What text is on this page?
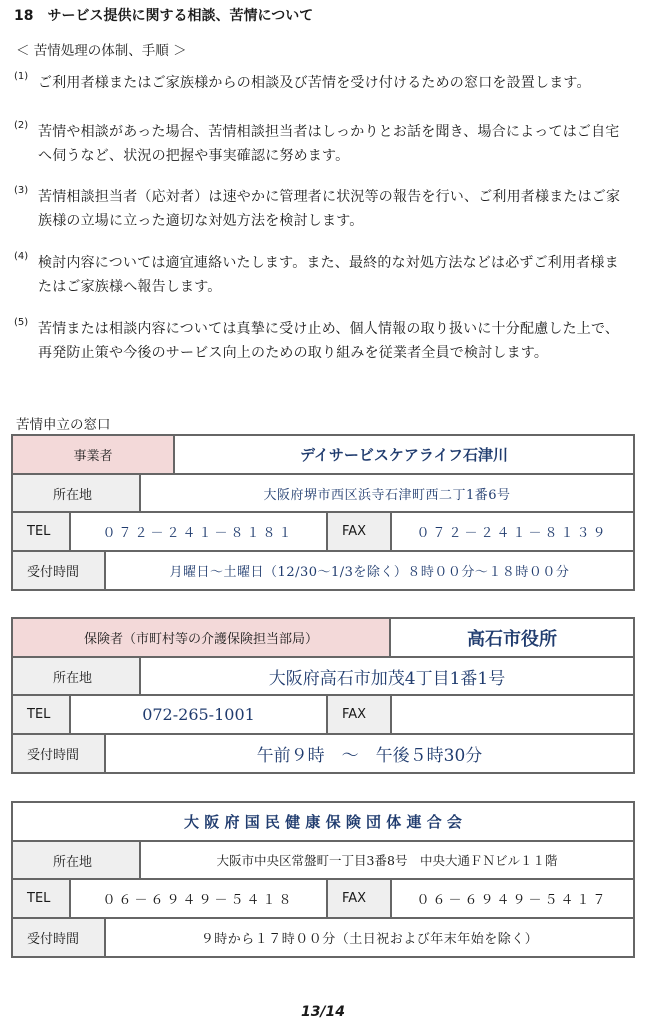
18　サービス提供に関する相談、苦情について
＜ 苦情処理の体制、手順 ＞
(1) ご利用者様またはご家族様からの相談及び苦情を受け付けるための窓口を設置します。
(2) 苦情や相談があった場合、苦情相談担当者はしっかりとお話を聞き、場合によってはご自宅へ伺うなど、状況の把握や事実確認に努めます。
(3) 苦情相談担当者（応対者）は速やかに管理者に状況等の報告を行い、ご利用者様またはご家族様の立場に立った適切な対処方法を検討します。
(4) 検討内容については適宜連絡いたします。また、最終的な対処方法などは必ずご利用者様またはご家族様へ報告します。
(5) 苦情または相談内容については真摯に受け止め、個人情報の取り扱いに十分配慮した上で、再発防止策や今後のサービス向上のための取り組みを従業者全員で検討します。
苦情申立の窓口
事業者	デイサービスケアライフ石津川
所在地	大阪府堺市西区浜寺石津町西二丁1番6号
TEL	０７２－２４１－８１８１	FAX	０７２－２４１－８１３９
受付時間	月曜日～土曜日（12/30～1/3を除く）８時００分～１８時００分
保険者（市町村等の介護保険担当部局）	高石市役所
所在地	大阪府高石市加茂4丁目1番1号
TEL	072-265-1001	FAX
受付時間	午前９時　～　午後５時30分
大 阪 府 国 民 健 康 保 険 団 体 連 合 会
所在地	大阪市中央区常盤町一丁目3番8号　中央大通ＦＮビル１１階
TEL	０６－６９４９－５４１８	FAX	０６－６９４９－５４１７
受付時間	９時から１７時００分（土日祝および年末年始を除く）
13/14
